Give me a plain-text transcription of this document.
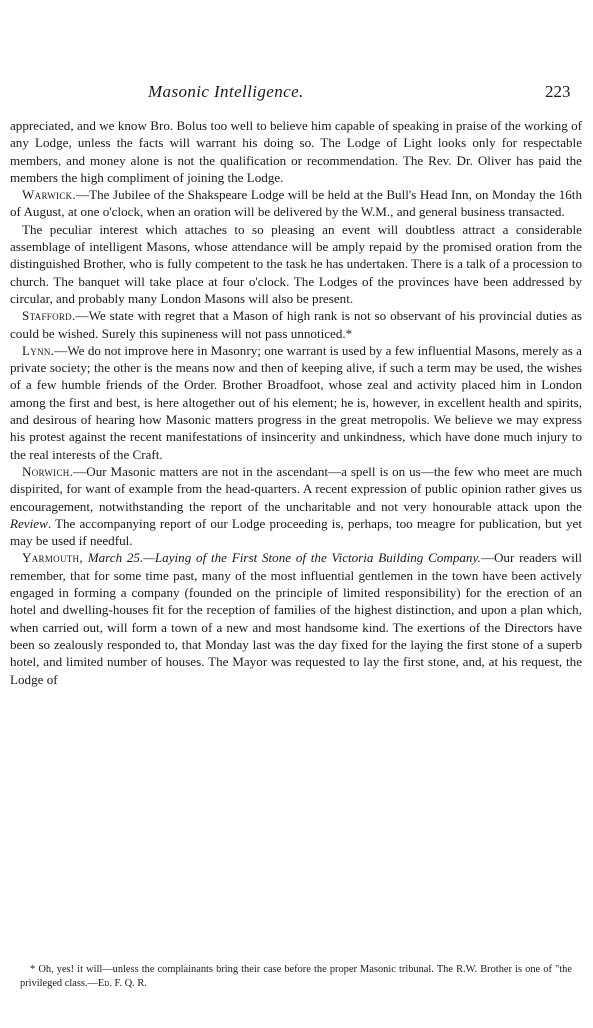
Masonic Intelligence.	223

appreciated, and we know Bro. Bolus too well to believe him capable of speaking in praise of the working of any Lodge, unless the facts will warrant his doing so. The Lodge of Light looks only for respectable members, and money alone is not the qualification or recommendation. The Rev. Dr. Oliver has paid the members the high compliment of joining the Lodge.

Warwick.—The Jubilee of the Shakspeare Lodge will be held at the Bull's Head Inn, on Monday the 16th of August, at one o'clock, when an oration will be delivered by the W.M., and general business transacted.

The peculiar interest which attaches to so pleasing an event will doubtless attract a considerable assemblage of intelligent Masons, whose attendance will be amply repaid by the promised oration from the distinguished Brother, who is fully competent to the task he has undertaken. There is a talk of a procession to church. The banquet will take place at four o'clock. The Lodges of the provinces have been addressed by circular, and probably many London Masons will also be present.

Stafford.—We state with regret that a Mason of high rank is not so observant of his provincial duties as could be wished. Surely this supineness will not pass unnoticed.*

Lynn.—We do not improve here in Masonry; one warrant is used by a few influential Masons, merely as a private society; the other is the means now and then of keeping alive, if such a term may be used, the wishes of a few humble friends of the Order. Brother Broadfoot, whose zeal and activity placed him in London among the first and best, is here altogether out of his element; he is, however, in excellent health and spirits, and desirous of hearing how Masonic matters progress in the great metropolis. We believe we may express his protest against the recent manifestations of insincerity and unkindness, which have done much injury to the real interests of the Craft.

Norwich.—Our Masonic matters are not in the ascendant—a spell is on us—the few who meet are much dispirited, for want of example from the head-quarters. A recent expression of public opinion rather gives us encouragement, notwithstanding the report of the uncharitable and not very honourable attack upon the Review. The accompanying report of our Lodge proceeding is, perhaps, too meagre for publication, but yet may be used if needful.

Yarmouth, March 25.—Laying of the First Stone of the Victoria Building Company.—Our readers will remember, that for some time past, many of the most influential gentlemen in the town have been actively engaged in forming a company (founded on the principle of limited responsibility) for the erection of an hotel and dwelling-houses fit for the reception of families of the highest distinction, and upon a plan which, when carried out, will form a town of a new and most handsome kind. The exertions of the Directors have been so zealously responded to, that Monday last was the day fixed for the laying the first stone of a superb hotel, and limited number of houses. The Mayor was requested to lay the first stone, and, at his request, the Lodge of

* Oh, yes! it will—unless the complainants bring their case before the proper Masonic tribunal. The R.W. Brother is one of "the privileged class.—Ed. F. Q. R.
